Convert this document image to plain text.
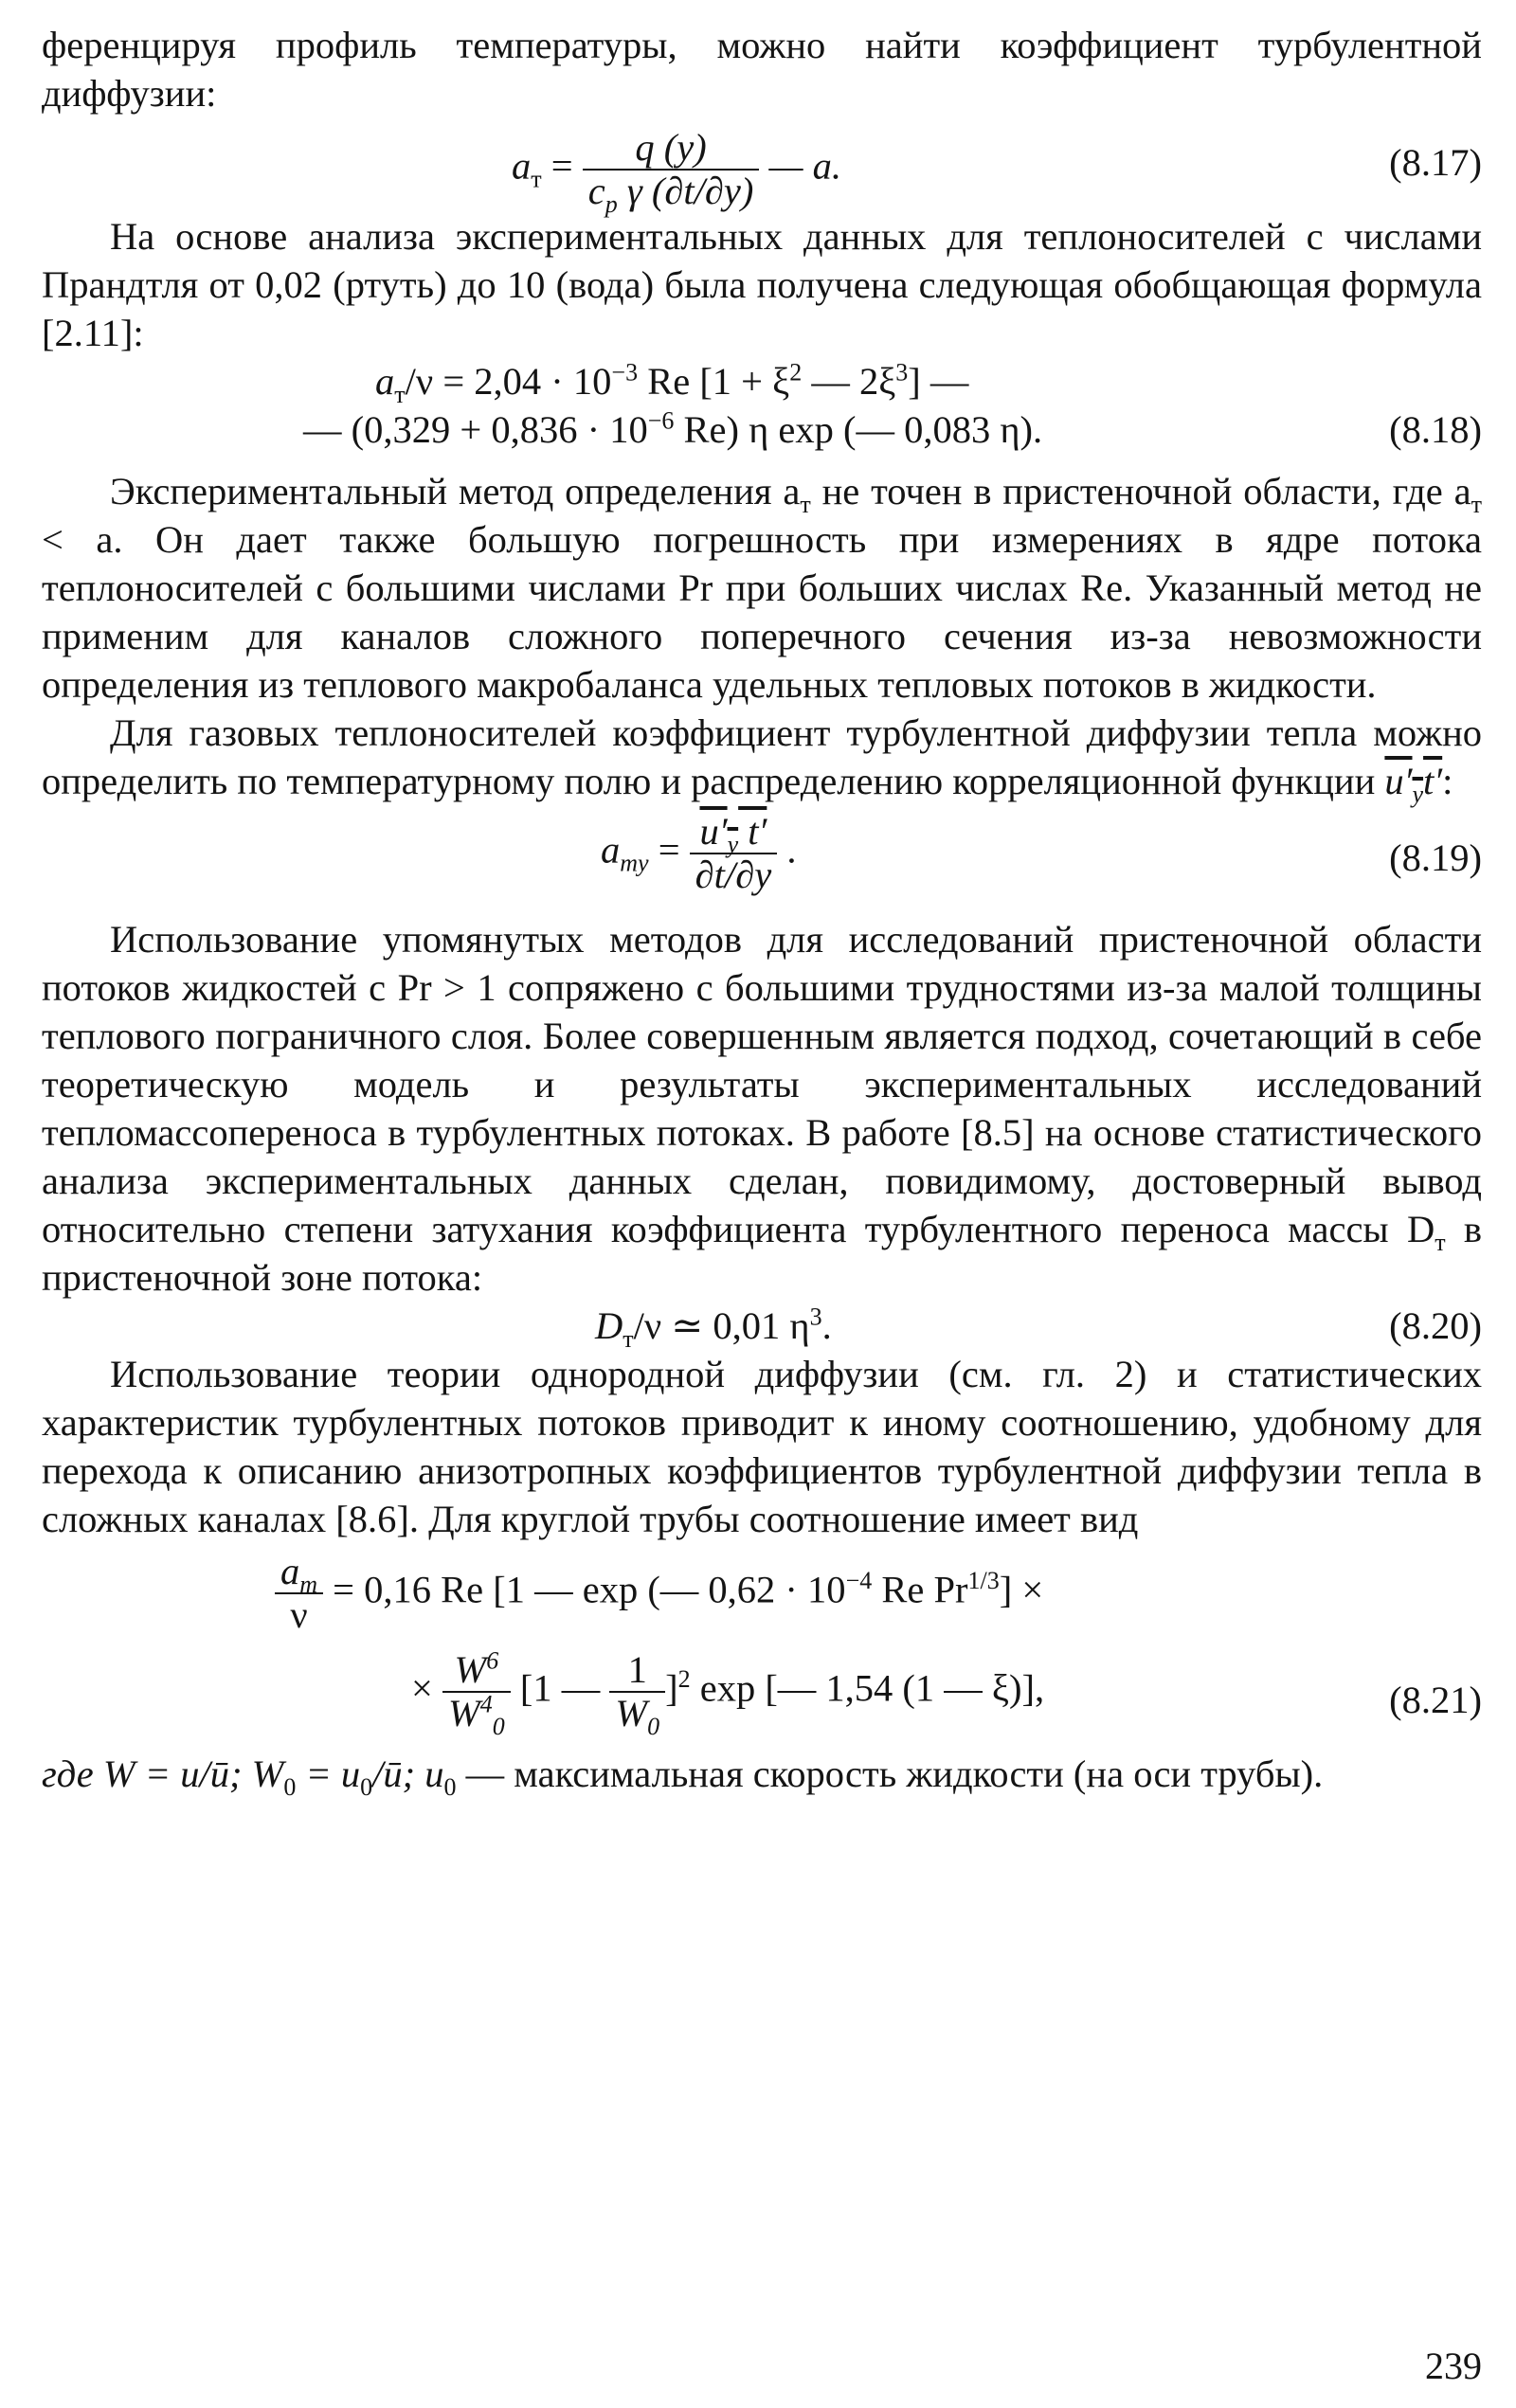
ференцируя профиль температуры, можно найти коэффициент турбулентной диффузии:

$a_т = \frac{q (y)}{c_p \gamma (\partial t/\partial y)}$ — a.	(8.17)

На основе анализа экспериментальных данных для теплоносителей с числами Прандтля от 0,02 (ртуть) до 10 (вода) была получена следующая обобщающая формула [2.11]:

$a_т/\nu = 2,04 \cdot 10^{-3}$ Re [$1 + \xi^2$ — $2\xi^3$] —
— ($0,329 + 0,836 \cdot 10^{-6}$ Re) η exp (— 0,083 η).	(8.18)

Экспериментальный метод определения $a_т$ не точен в пристеночной области, где $a_т < a$. Он дает также большую погрешность при измерениях в ядре потока теплоносителей с большими числами Pr при больших числах Re. Указанный метод не применим для каналов сложного поперечного сечения из-за невозможности определения из теплового макробаланса удельных тепловых потоков в жидкости.

Для газовых теплоносителей коэффициент турбулентной диффузии тепла можно определить по температурному полю и распределению корреляционной функции $u'_yt'$:

$a_{тy} = \frac{u'_y t'}{\partial t/\partial y}$ .	(8.19)

Использование упомянутых методов для исследований пристеночной области потоков жидкостей с Pr > 1 сопряжено с большими трудностями из-за малой толщины теплового пограничного слоя. Более совершенным является подход, сочетающий в себе теоретическую модель и результаты экспериментальных исследований тепломассопереноса в турбулентных потоках. В работе [8.5] на основе статистического анализа экспериментальных данных сделан, повидимому, достоверный вывод относительно степени затухания коэффициента турбулентного переноса массы $D_т$ в пристеночной зоне потока:

$D_т/\nu$ ≃ 0,01 $\eta^3$.	(8.20)

Использование теории однородной диффузии (см. гл. 2) и статистических характеристик турбулентных потоков приводит к иному соотношению, удобному для перехода к описанию анизотропных коэффициентов турбулентной диффузии тепла в сложных каналах [8.6]. Для круглой трубы соотношение имеет вид

$\frac{a_т}{\nu} = 0,16$ Re [1 — exp (— $0,62 \cdot 10^{-4}$ Re $Pr^{1/3}$] ×
× $\frac{W^6}{W^4_0} [1$ — $\frac{1}{W_0} ]^2$ exp [— 1,54 (1 — ξ)],	(8.21)

где W = u/ū; $W_0$ = $u_0/ū$; $u_0$ — максимальная скорость жидкости (на оси трубы).

239
